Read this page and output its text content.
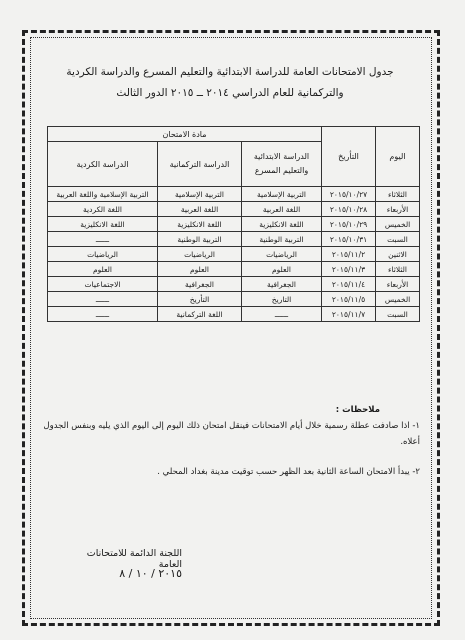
جدول الامتحانات العامة للدراسة الابتدائية والتعليم المسرع والدراسة الكردية
والتركمانية للعام الدراسي ٢٠١٤ ــ ٢٠١٥ الدور الثالث
اليوم	التأريخ	مادة الامتحان		
		الدراسة الابتدائية والتعليم المسرع	الدراسة التركمانية	الدراسة الكردية
الثلاثاء	٢٠١٥/١٠/٢٧	التربية الإسلامية	التربية الإسلامية	التربية الإسلامية واللغة العربية
الأربعاء	٢٠١٥/١٠/٢٨	اللغة العربية	اللغة العربية	اللغة الكردية
الخميس	٢٠١٥/١٠/٢٩	اللغة الانكليزية	اللغة الانكليزية	اللغة الانكليزية
السبت	٢٠١٥/١٠/٣١	التربية الوطنية	التربية الوطنية	ــــــ
الاثنين	٢٠١٥/١١/٢	الرياضيات	الرياضيات	الرياضيات
الثلاثاء	٢٠١٥/١١/٣	العلوم	العلوم	العلوم
الأربعاء	٢٠١٥/١١/٤	الجغرافية	الجغرافية	الاجتماعيات
الخميس	٢٠١٥/١١/٥	التاريخ	التأريخ	ــــــ
السبت	٢٠١٥/١١/٧	ــــــ	اللغة التركمانية	ــــــ

ملاحظات :

١- اذا صادفت عطلة رسمية خلال أيام الامتحانات فينقل امتحان ذلك اليوم إلى اليوم الذي يليه وبنفس الجدول أعلاه.

٢- يبدأ الامتحان الساعة الثانية بعد الظهر حسب توقيت مدينة بغداد المحلي .

اللجنة الدائمة للامتحانات العامة
٢٠١٥ / ١٠ / ٨
